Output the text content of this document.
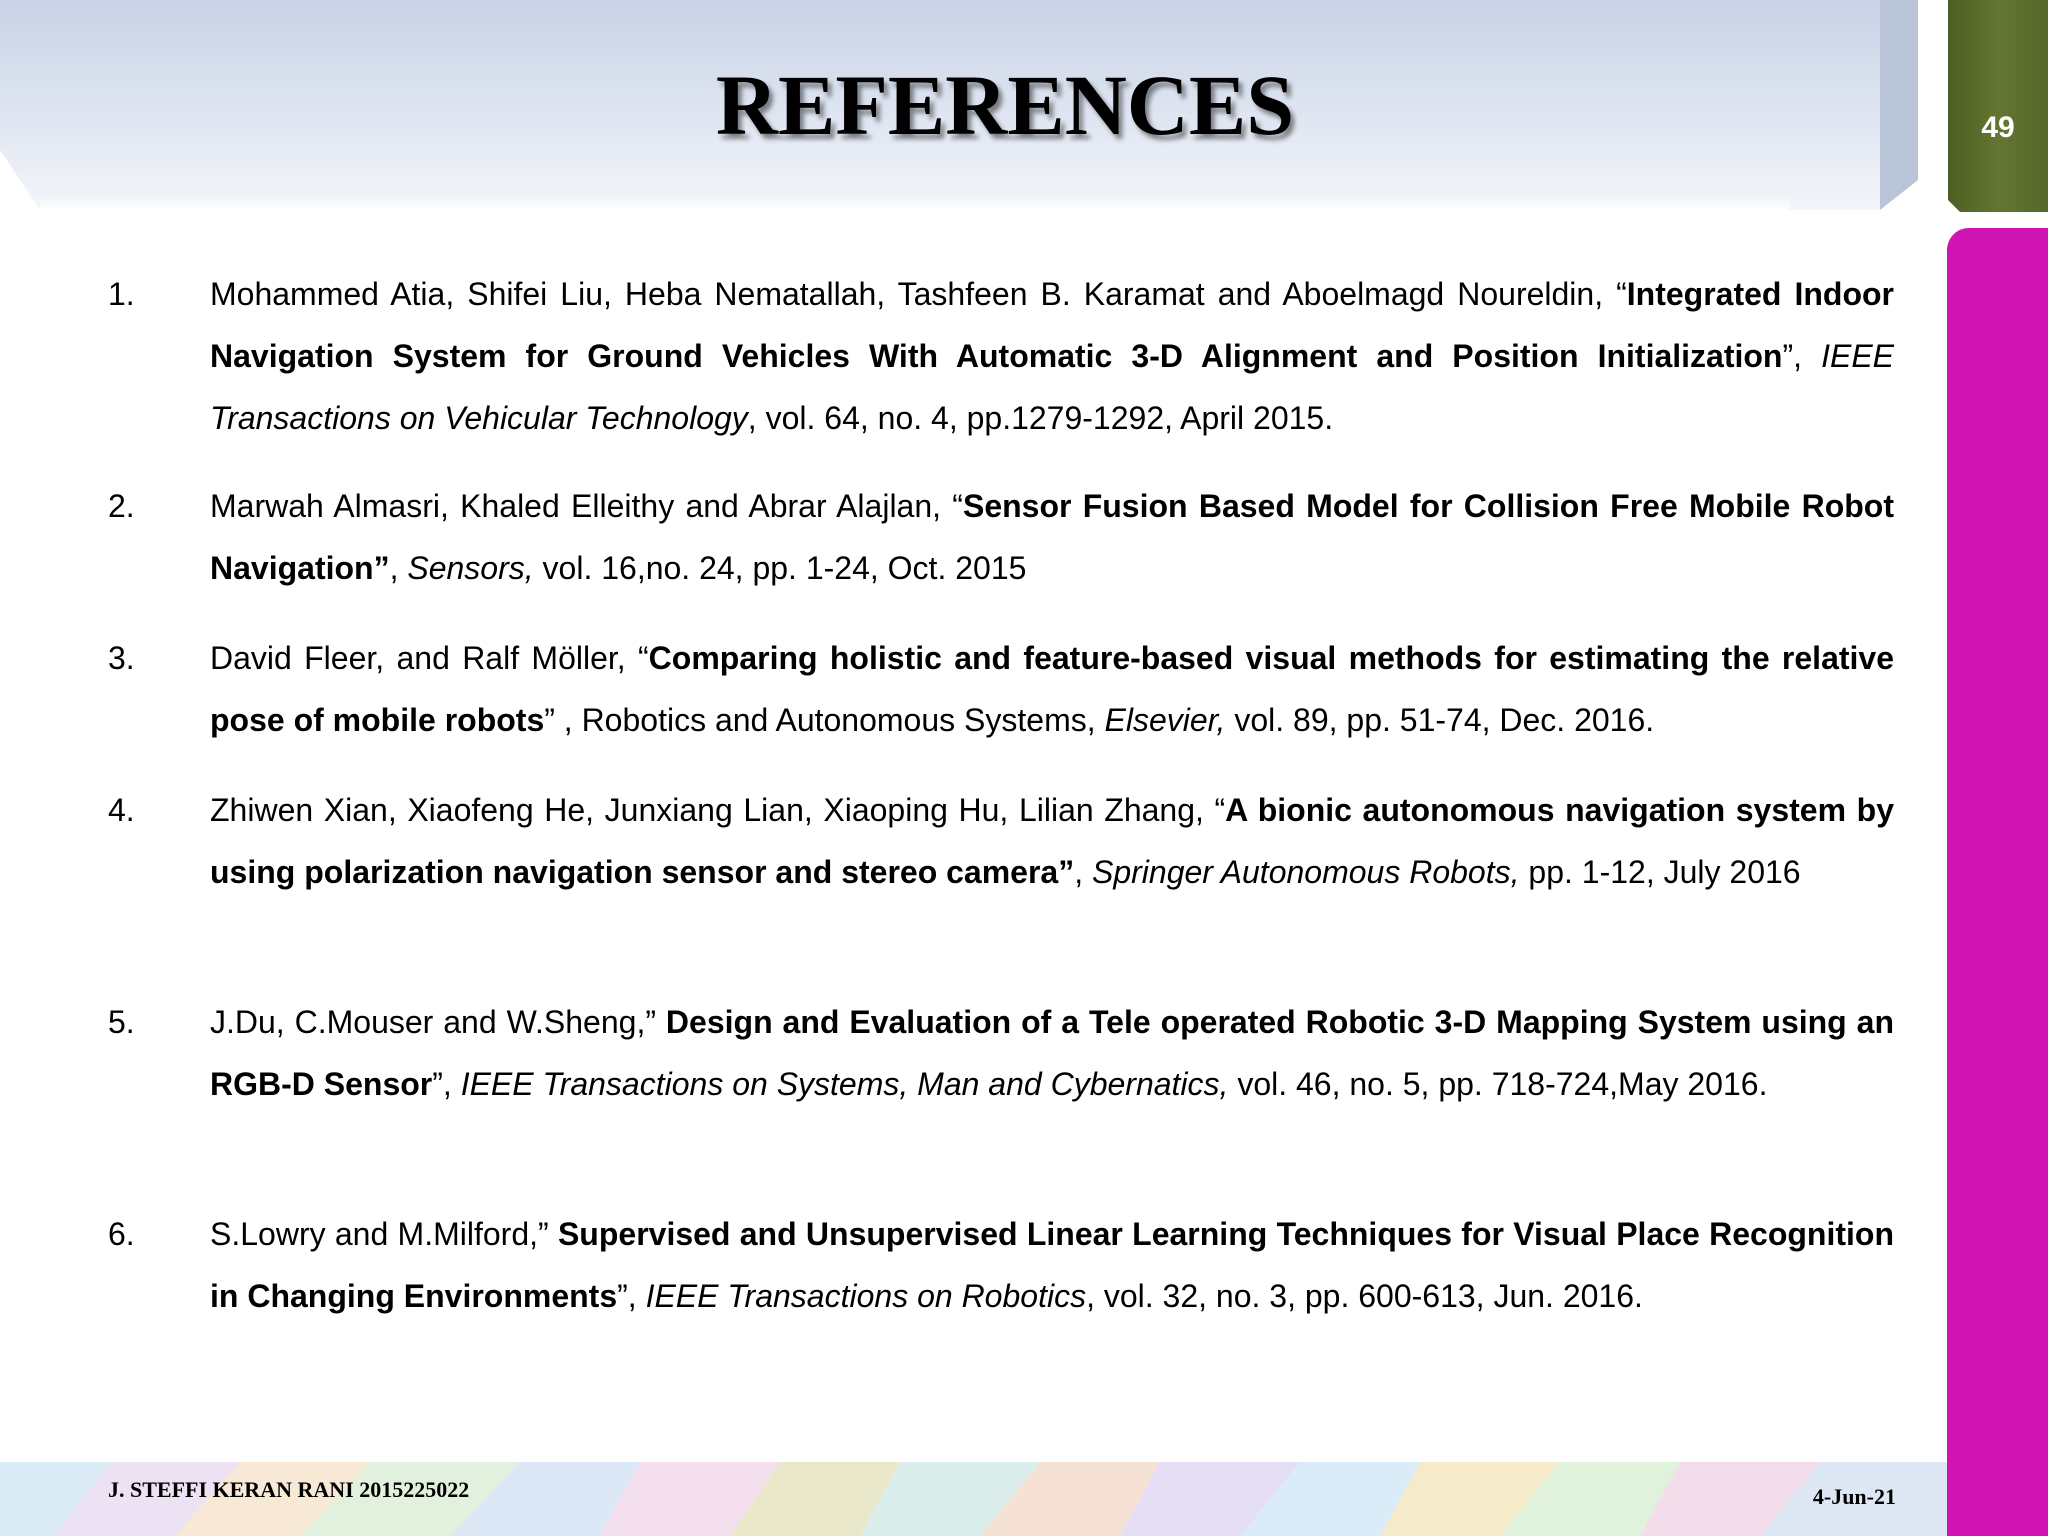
REFERENCES	49
1. Mohammed Atia, Shifei Liu, Heba Nematallah, Tashfeen B. Karamat and Aboelmagd Noureldin, “Integrated Indoor Navigation System for Ground Vehicles With Automatic 3-D Alignment and Position Initialization”, IEEE Transactions on Vehicular Technology, vol. 64, no. 4, pp.1279-1292, April 2015.
2. Marwah Almasri, Khaled Elleithy and Abrar Alajlan, “Sensor Fusion Based Model for Collision Free Mobile Robot Navigation”, Sensors, vol. 16,no. 24, pp. 1-24, Oct. 2015
3. David Fleer, and Ralf Möller, “Comparing holistic and feature-based visual methods for estimating the relative pose of mobile robots” , Robotics and Autonomous Systems, Elsevier, vol. 89, pp. 51-74, Dec. 2016.
4. Zhiwen Xian, Xiaofeng He, Junxiang Lian, Xiaoping Hu, Lilian Zhang, “A bionic autonomous navigation system by using polarization navigation sensor and stereo camera”, Springer Autonomous Robots, pp. 1-12, July 2016
5. J.Du, C.Mouser and W.Sheng,” Design and Evaluation of a Tele operated Robotic 3-D Mapping System using an RGB-D Sensor”, IEEE Transactions on Systems, Man and Cybernatics, vol. 46, no. 5, pp. 718-724,May 2016.
6. S.Lowry and M.Milford,” Supervised and Unsupervised Linear Learning Techniques for Visual Place Recognition in Changing Environments”, IEEE Transactions on Robotics, vol. 32, no. 3, pp. 600-613, Jun. 2016.
J. STEFFI KERAN RANI 2015225022	4-Jun-21
